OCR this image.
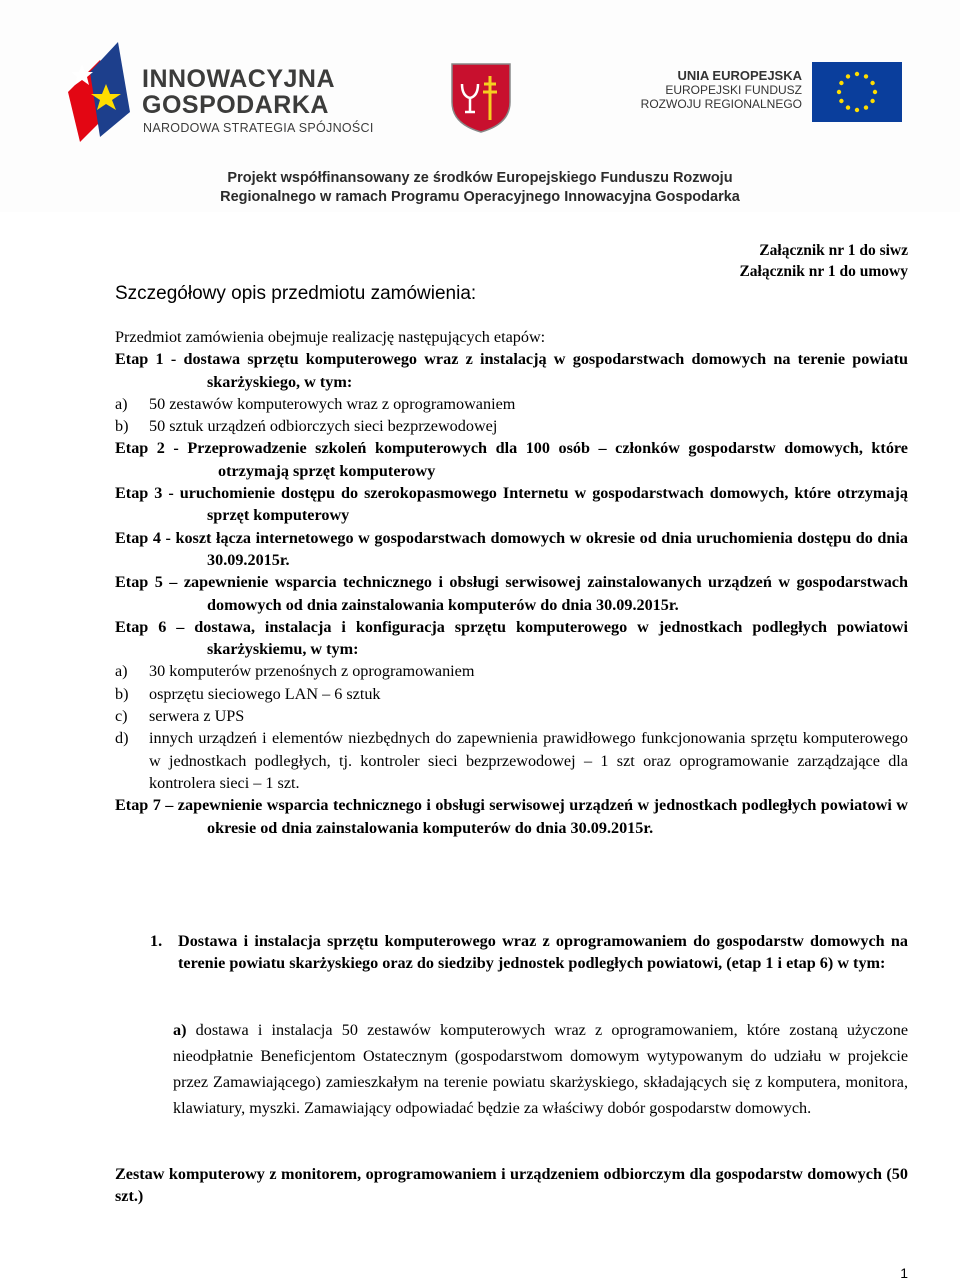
INNOWACYJNA
GOSPODARKA
NARODOWA STRATEGIA SPÓJNOŚCI
UNIA EUROPEJSKA
EUROPEJSKI FUNDUSZ
ROZWOJU REGIONALNEGO
Projekt współfinansowany ze środków Europejskiego Funduszu Rozwoju
Regionalnego w ramach Programu Operacyjnego Innowacyjna Gospodarka
Załącznik nr 1 do siwz
Załącznik nr 1 do umowy
Szczegółowy opis przedmiotu zamówienia:

Przedmiot zamówienia obejmuje realizację następujących etapów:

Etap 1 - dostawa sprzętu komputerowego wraz z instalacją w gospodarstwach domowych na terenie powiatu skarżyskiego, w tym:

a) 50 zestawów komputerowych wraz z oprogramowaniem
b) 50 sztuk urządzeń odbiorczych sieci bezprzewodowej

Etap 2 - Przeprowadzenie szkoleń komputerowych dla 100 osób – członków gospodarstw domowych, które otrzymają sprzęt komputerowy

Etap 3 - uruchomienie dostępu do szerokopasmowego Internetu w gospodarstwach domowych, które otrzymają sprzęt komputerowy

Etap 4 - koszt łącza internetowego w gospodarstwach domowych w okresie od dnia uruchomienia dostępu do dnia 30.09.2015r.

Etap 5 – zapewnienie wsparcia technicznego i obsługi serwisowej zainstalowanych urządzeń w gospodarstwach domowych od dnia zainstalowania komputerów do dnia 30.09.2015r.

Etap 6 – dostawa, instalacja i konfiguracja sprzętu komputerowego w jednostkach podległych powiatowi skarżyskiemu, w tym:

a) 30 komputerów przenośnych z oprogramowaniem
b) osprzętu sieciowego LAN – 6 sztuk
c) serwera z UPS
d) innych urządzeń i elementów niezbędnych do zapewnienia prawidłowego funkcjonowania sprzętu komputerowego w jednostkach podległych, tj. kontroler sieci bezprzewodowej – 1 szt oraz oprogramowanie zarządzające dla kontrolera sieci – 1 szt.

Etap 7 – zapewnienie wsparcia technicznego i obsługi serwisowej urządzeń w jednostkach podległych powiatowi w okresie od dnia zainstalowania komputerów do dnia 30.09.2015r.

1. Dostawa i instalacja sprzętu komputerowego wraz z oprogramowaniem do gospodarstw domowych na terenie powiatu skarżyskiego oraz do siedziby jednostek podległych powiatowi, (etap 1 i etap 6) w tym:
a) dostawa i instalacja 50 zestawów komputerowych wraz z oprogramowaniem, które zostaną użyczone nieodpłatnie Beneficjentom Ostatecznym (gospodarstwom domowym wytypowanym do udziału w projekcie przez Zamawiającego) zamieszkałym na terenie powiatu skarżyskiego, składających się z komputera, monitora, klawiatury, myszki. Zamawiający odpowiadać będzie za właściwy dobór gospodarstw domowych.
Zestaw komputerowy z monitorem, oprogramowaniem i urządzeniem odbiorczym dla gospodarstw domowych (50 szt.)
1
